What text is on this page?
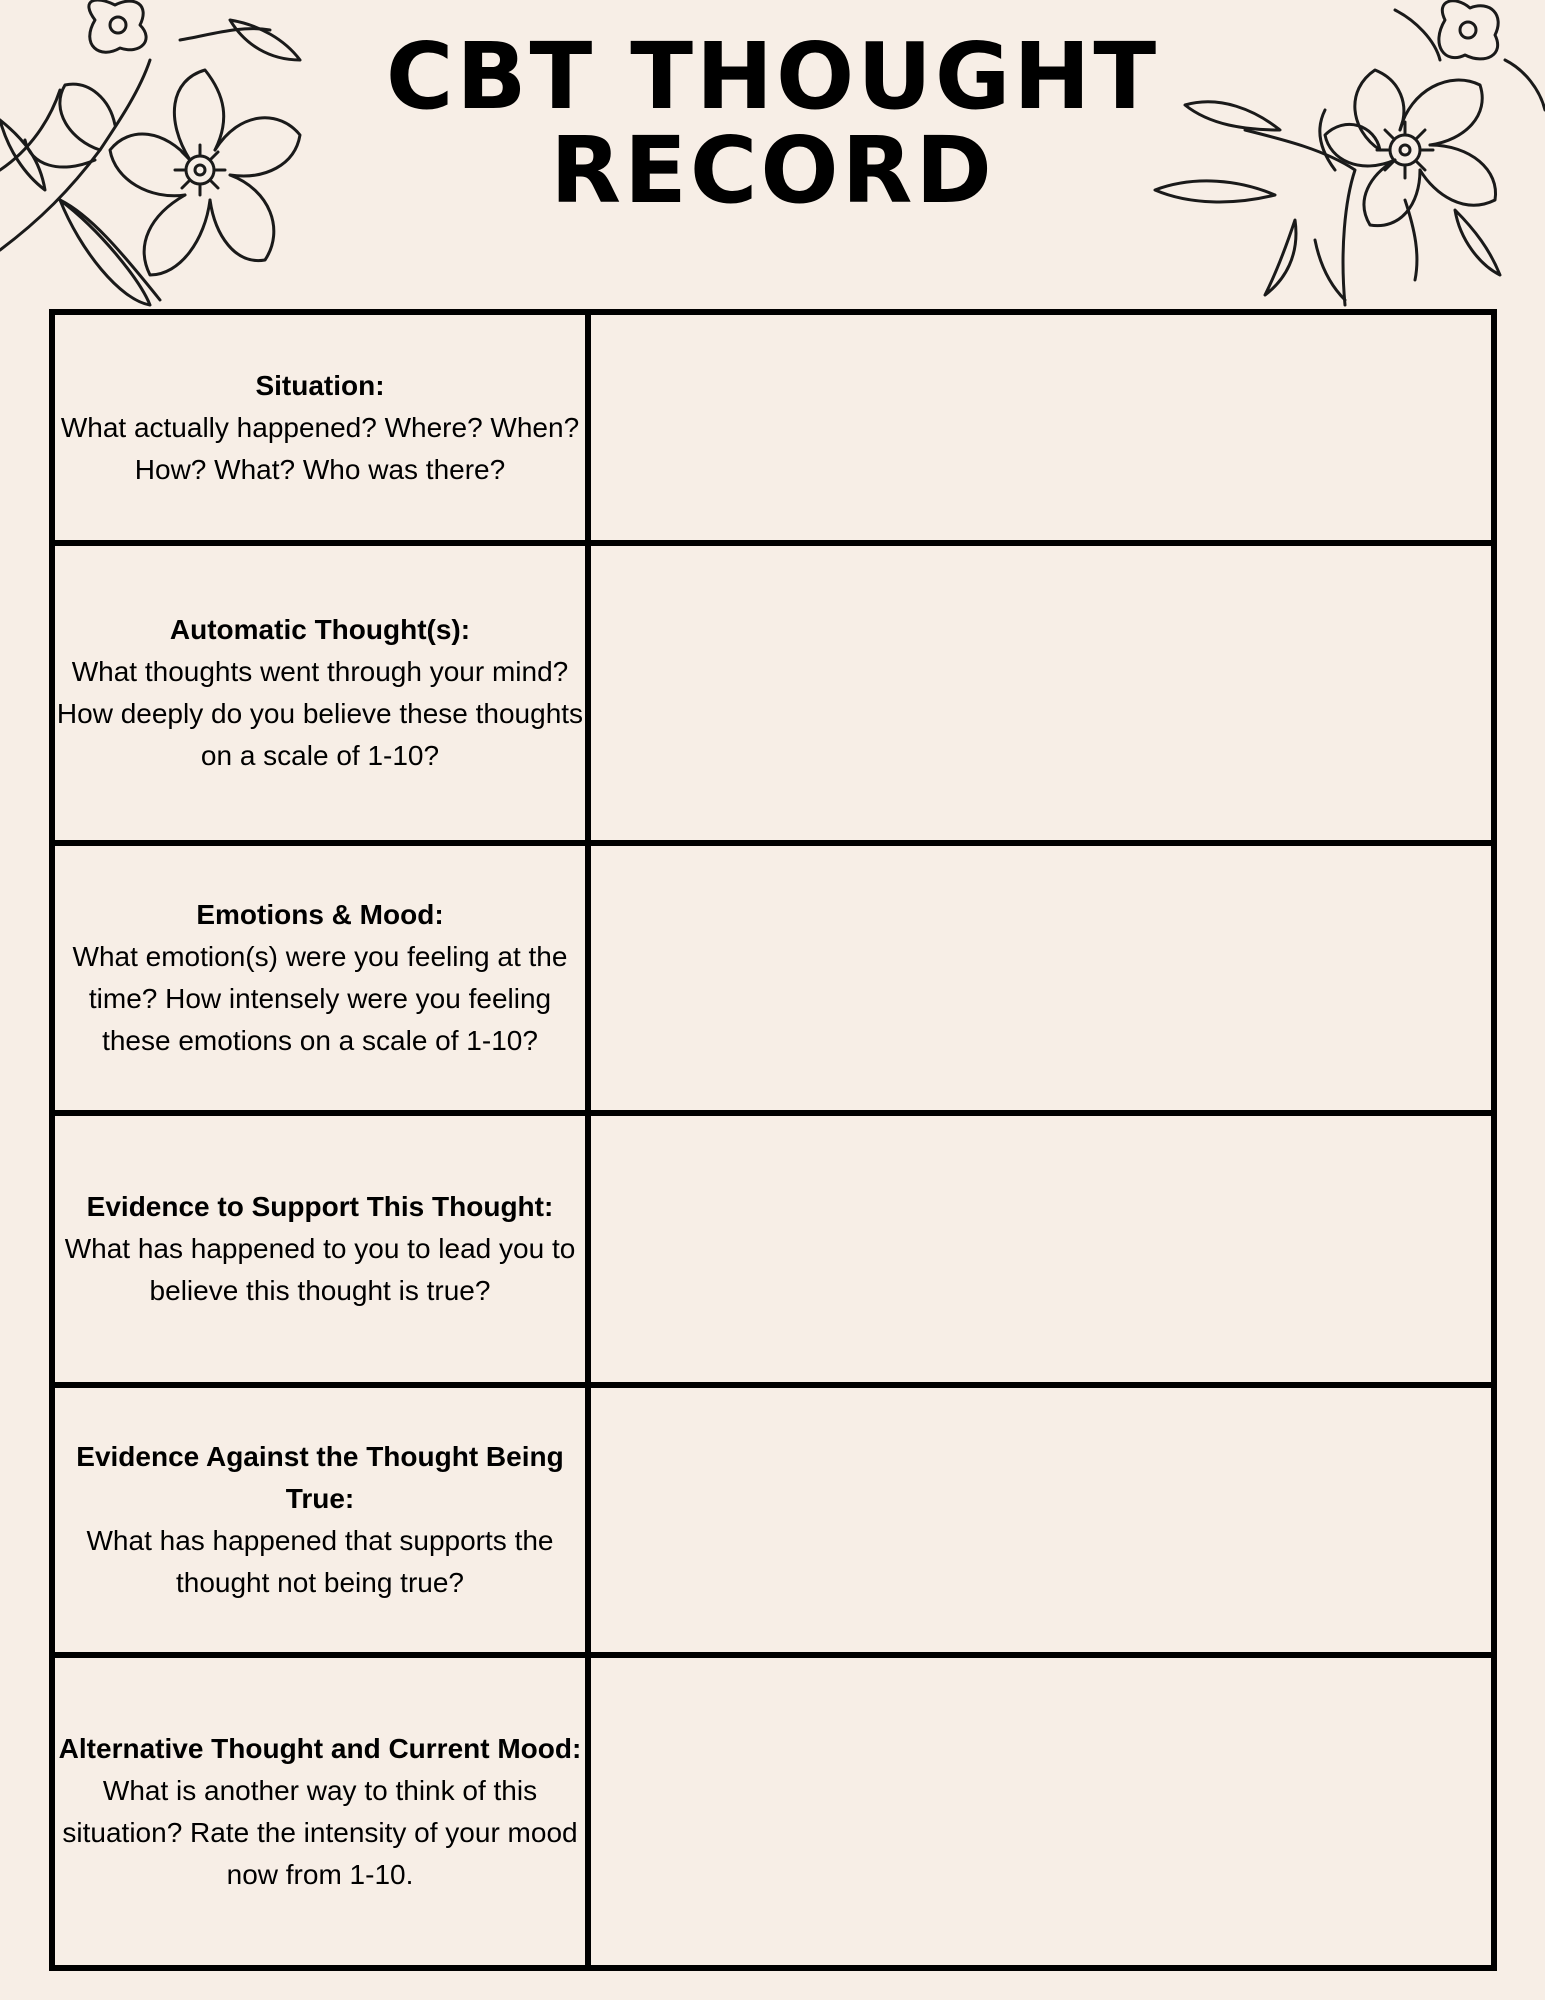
CBT THOUGHT
RECORD
Situation:
What actually happened? Where? When? How? What? Who was there?	

Automatic Thought(s):
What thoughts went through your mind? How deeply do you believe these thoughts on a scale of 1-10?	

Emotions & Mood:
What emotion(s) were you feeling at the time? How intensely were you feeling these emotions on a scale of 1-10?	

Evidence to Support This Thought:
What has happened to you to lead you to believe this thought is true?	

Evidence Against the Thought Being True:
What has happened that supports the thought not being true?	

Alternative Thought and Current Mood:
What is another way to think of this situation? Rate the intensity of your mood now from 1-10.	
